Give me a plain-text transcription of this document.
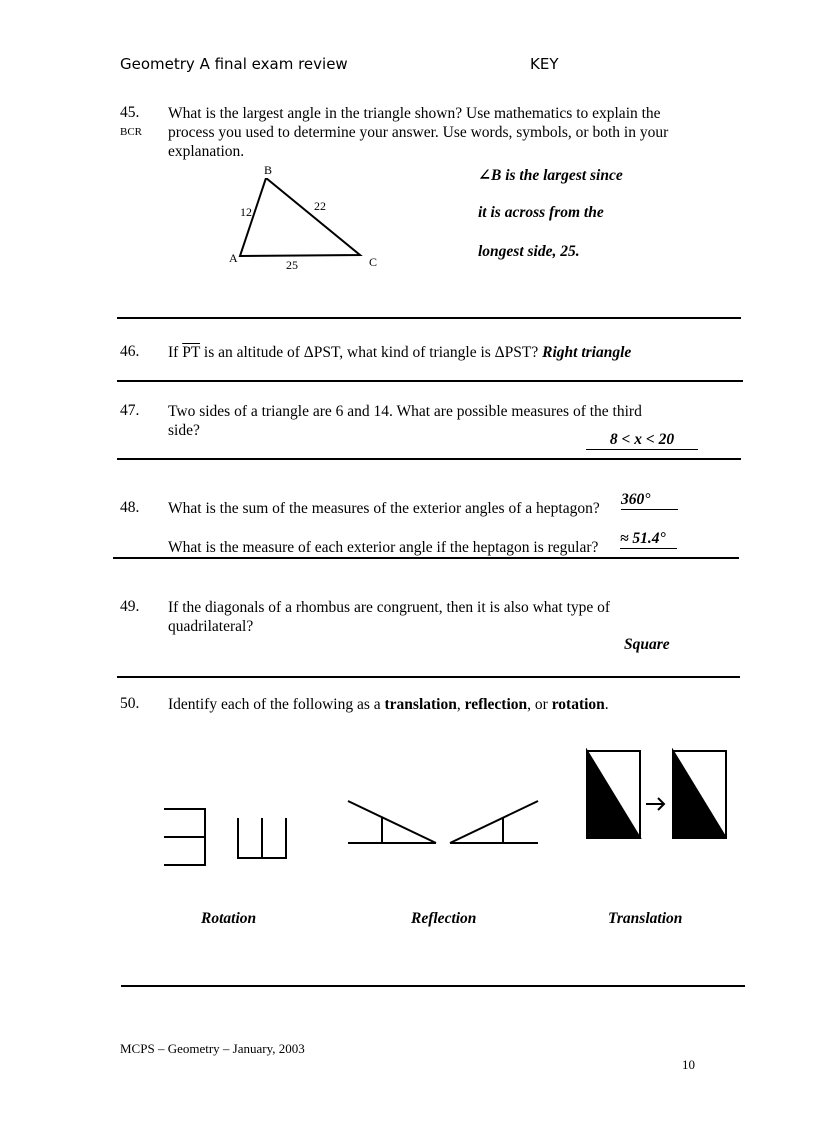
Geometry A final exam review	KEY
45.
BCR
What is the largest angle in the triangle shown? Use mathematics to explain the
process you used to determine your answer. Use words, symbols, or both in your
explanation.
B
A	C
12	22
25
∠B is the largest since
it is across from the
longest side, 25.
46. If $\overline{PT}$ is an altitude of ΔPST, what kind of triangle is ΔPST? Right triangle
47. Two sides of a triangle are 6 and 14. What are possible measures of the third
side?
8 < x < 20
48. What is the sum of the measures of the exterior angles of a heptagon?
360°
What is the measure of each exterior angle if the heptagon is regular?
≈ 51.4°
49. If the diagonals of a rhombus are congruent, then it is also what type of
quadrilateral?
Square
50. Identify each of the following as a translation, reflection, or rotation.
Rotation	Reflection	Translation
MCPS – Geometry – January, 2003
10
